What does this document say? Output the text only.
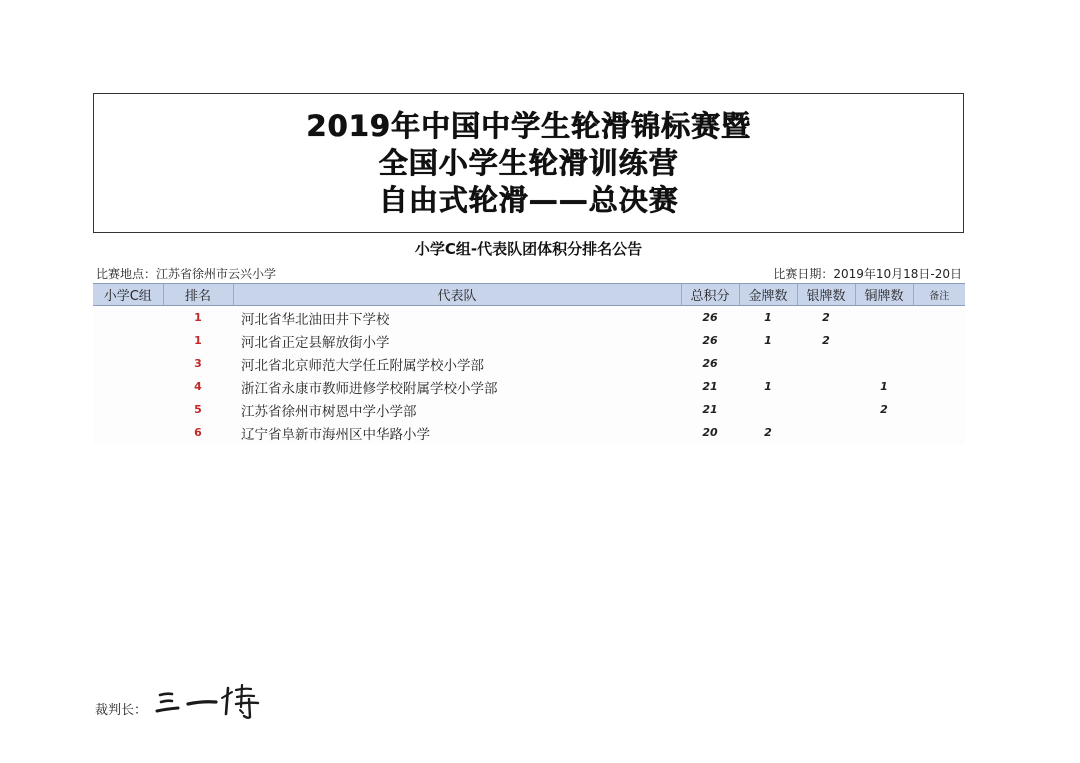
2019年中国中学生轮滑锦标赛暨
全国小学生轮滑训练营
自由式轮滑——总决赛
小学C组-代表队团体积分排名公告
比赛地点：江苏省徐州市云兴小学	比赛日期：2019年10月18日-20日
小学C组	排名	代表队	总积分	金牌数	银牌数	铜牌数	备注
	1	河北省华北油田井下学校	26	1	2		
	1	河北省正定县解放街小学	26	1	2		
	3	河北省北京师范大学任丘附属学校小学部	26				
	4	浙江省永康市教师进修学校附属学校小学部	21	1		1	
	5	江苏省徐州市树恩中学小学部	21			2	
	6	辽宁省阜新市海州区中华路小学	20	2			
裁判长：
